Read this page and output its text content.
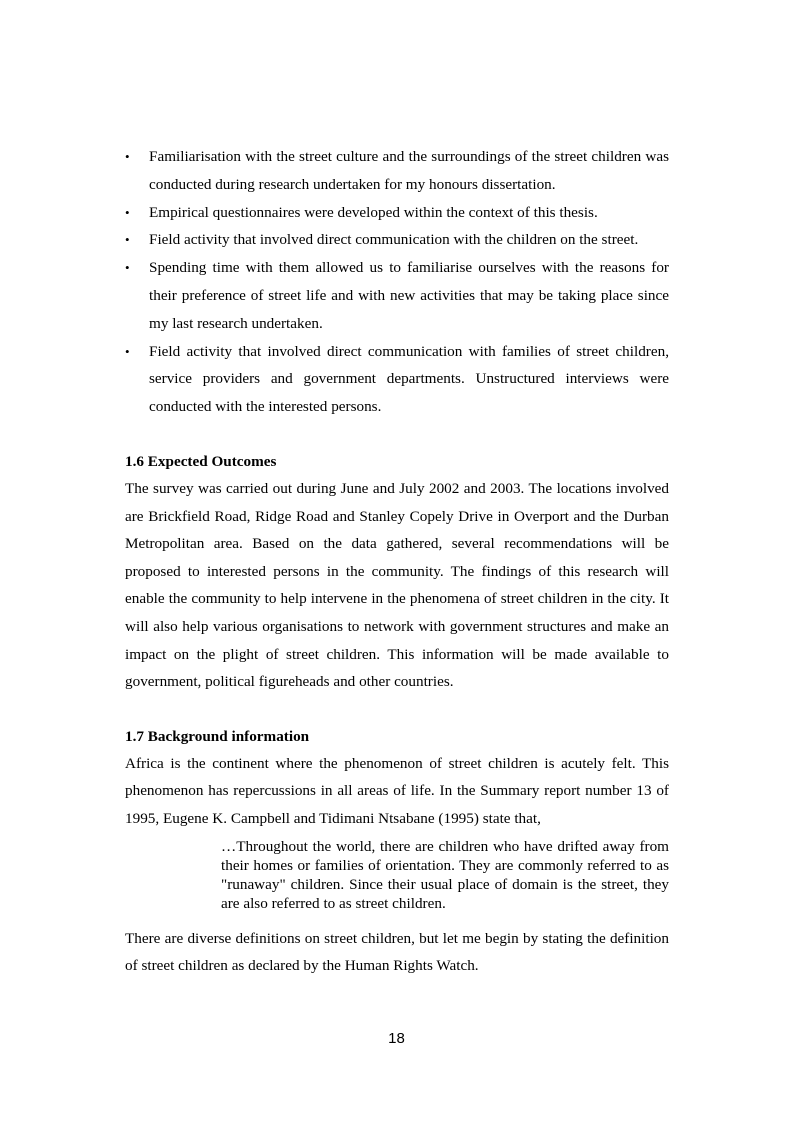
• Familiarisation with the street culture and the surroundings of the street children was conducted during research undertaken for my honours dissertation.
• Empirical questionnaires were developed within the context of this thesis.
• Field activity that involved direct communication with the children on the street.
• Spending time with them allowed us to familiarise ourselves with the reasons for their preference of street life and with new activities that may be taking place since my last research undertaken.
• Field activity that involved direct communication with families of street children, service providers and government departments. Unstructured interviews were conducted with the interested persons.
1.6 Expected Outcomes

The survey was carried out during June and July 2002 and 2003. The locations involved are Brickfield Road, Ridge Road and Stanley Copely Drive in Overport and the Durban Metropolitan area. Based on the data gathered, several recommendations will be proposed to interested persons in the community. The findings of this research will enable the community to help intervene in the phenomena of street children in the city. It will also help various organisations to network with government structures and make an impact on the plight of street children. This information will be made available to government, political figureheads and other countries.

1.7 Background information

Africa is the continent where the phenomenon of street children is acutely felt. This phenomenon has repercussions in all areas of life. In the Summary report number 13 of 1995, Eugene K. Campbell and Tidimani Ntsabane (1995) state that,

…Throughout the world, there are children who have drifted away from their homes or families of orientation. They are commonly referred to as "runaway" children. Since their usual place of domain is the street, they are also referred to as street children.

There are diverse definitions on street children, but let me begin by stating the definition of street children as declared by the Human Rights Watch.

18
